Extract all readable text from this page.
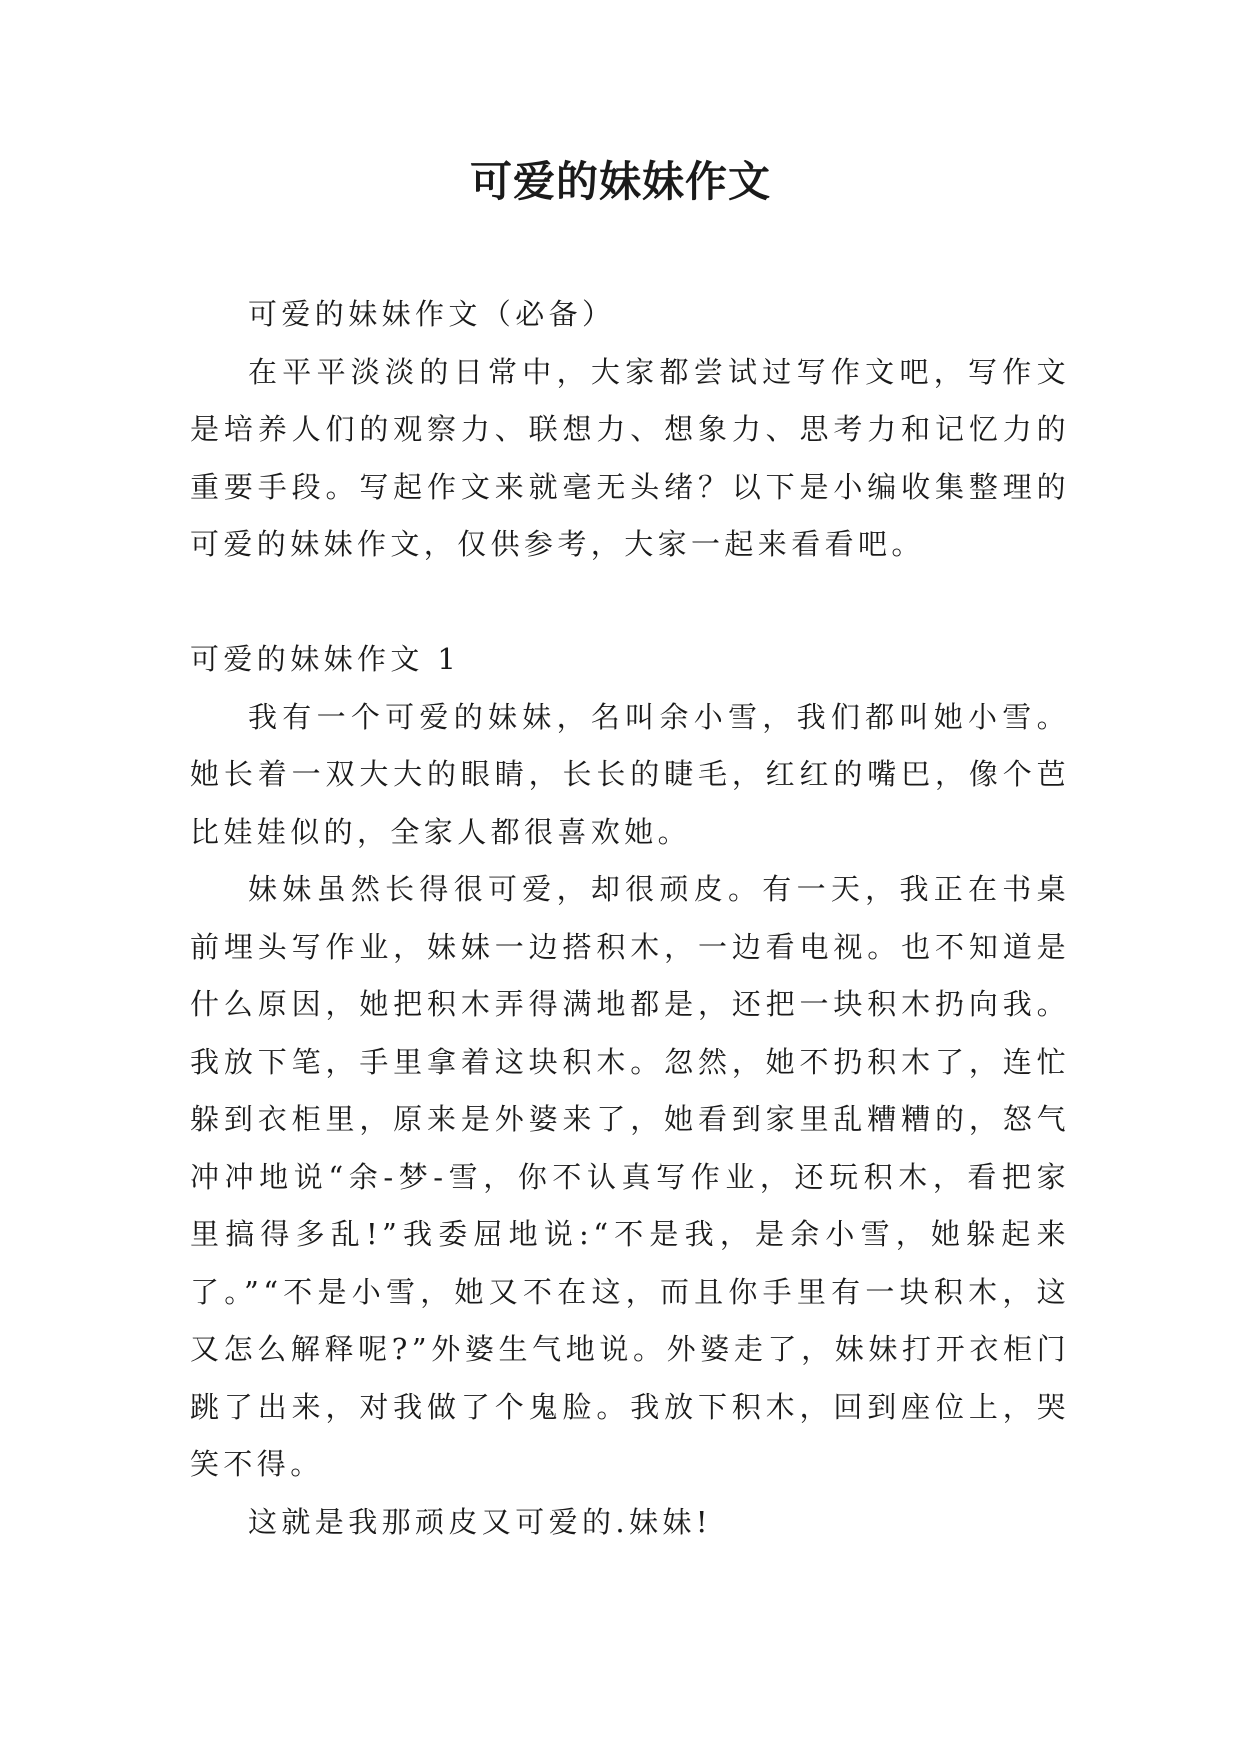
可爱的妹妹作文

可爱的妹妹作文（必备）

在平平淡淡的日常中，大家都尝试过写作文吧，写作文是培养人们的观察力、联想力、想象力、思考力和记忆力的重要手段。写起作文来就毫无头绪？以下是小编收集整理的可爱的妹妹作文，仅供参考，大家一起来看看吧。

可爱的妹妹作文 1

我有一个可爱的妹妹，名叫余小雪，我们都叫她小雪。她长着一双大大的眼睛，长长的睫毛，红红的嘴巴，像个芭比娃娃似的，全家人都很喜欢她。

妹妹虽然长得很可爱，却很顽皮。有一天，我正在书桌前埋头写作业，妹妹一边搭积木，一边看电视。也不知道是什么原因，她把积木弄得满地都是，还把一块积木扔向我。我放下笔，手里拿着这块积木。忽然，她不扔积木了，连忙躲到衣柜里，原来是外婆来了，她看到家里乱糟糟的，怒气冲冲地说“余-梦-雪，你不认真写作业，还玩积木，看把家里搞得多乱!”我委屈地说:“不是我，是余小雪，她躲起来了。”“不是小雪，她又不在这，而且你手里有一块积木，这又怎么解释呢?”外婆生气地说。外婆走了，妹妹打开衣柜门跳了出来，对我做了个鬼脸。我放下积木，回到座位上，哭笑不得。

这就是我那顽皮又可爱的.妹妹!
